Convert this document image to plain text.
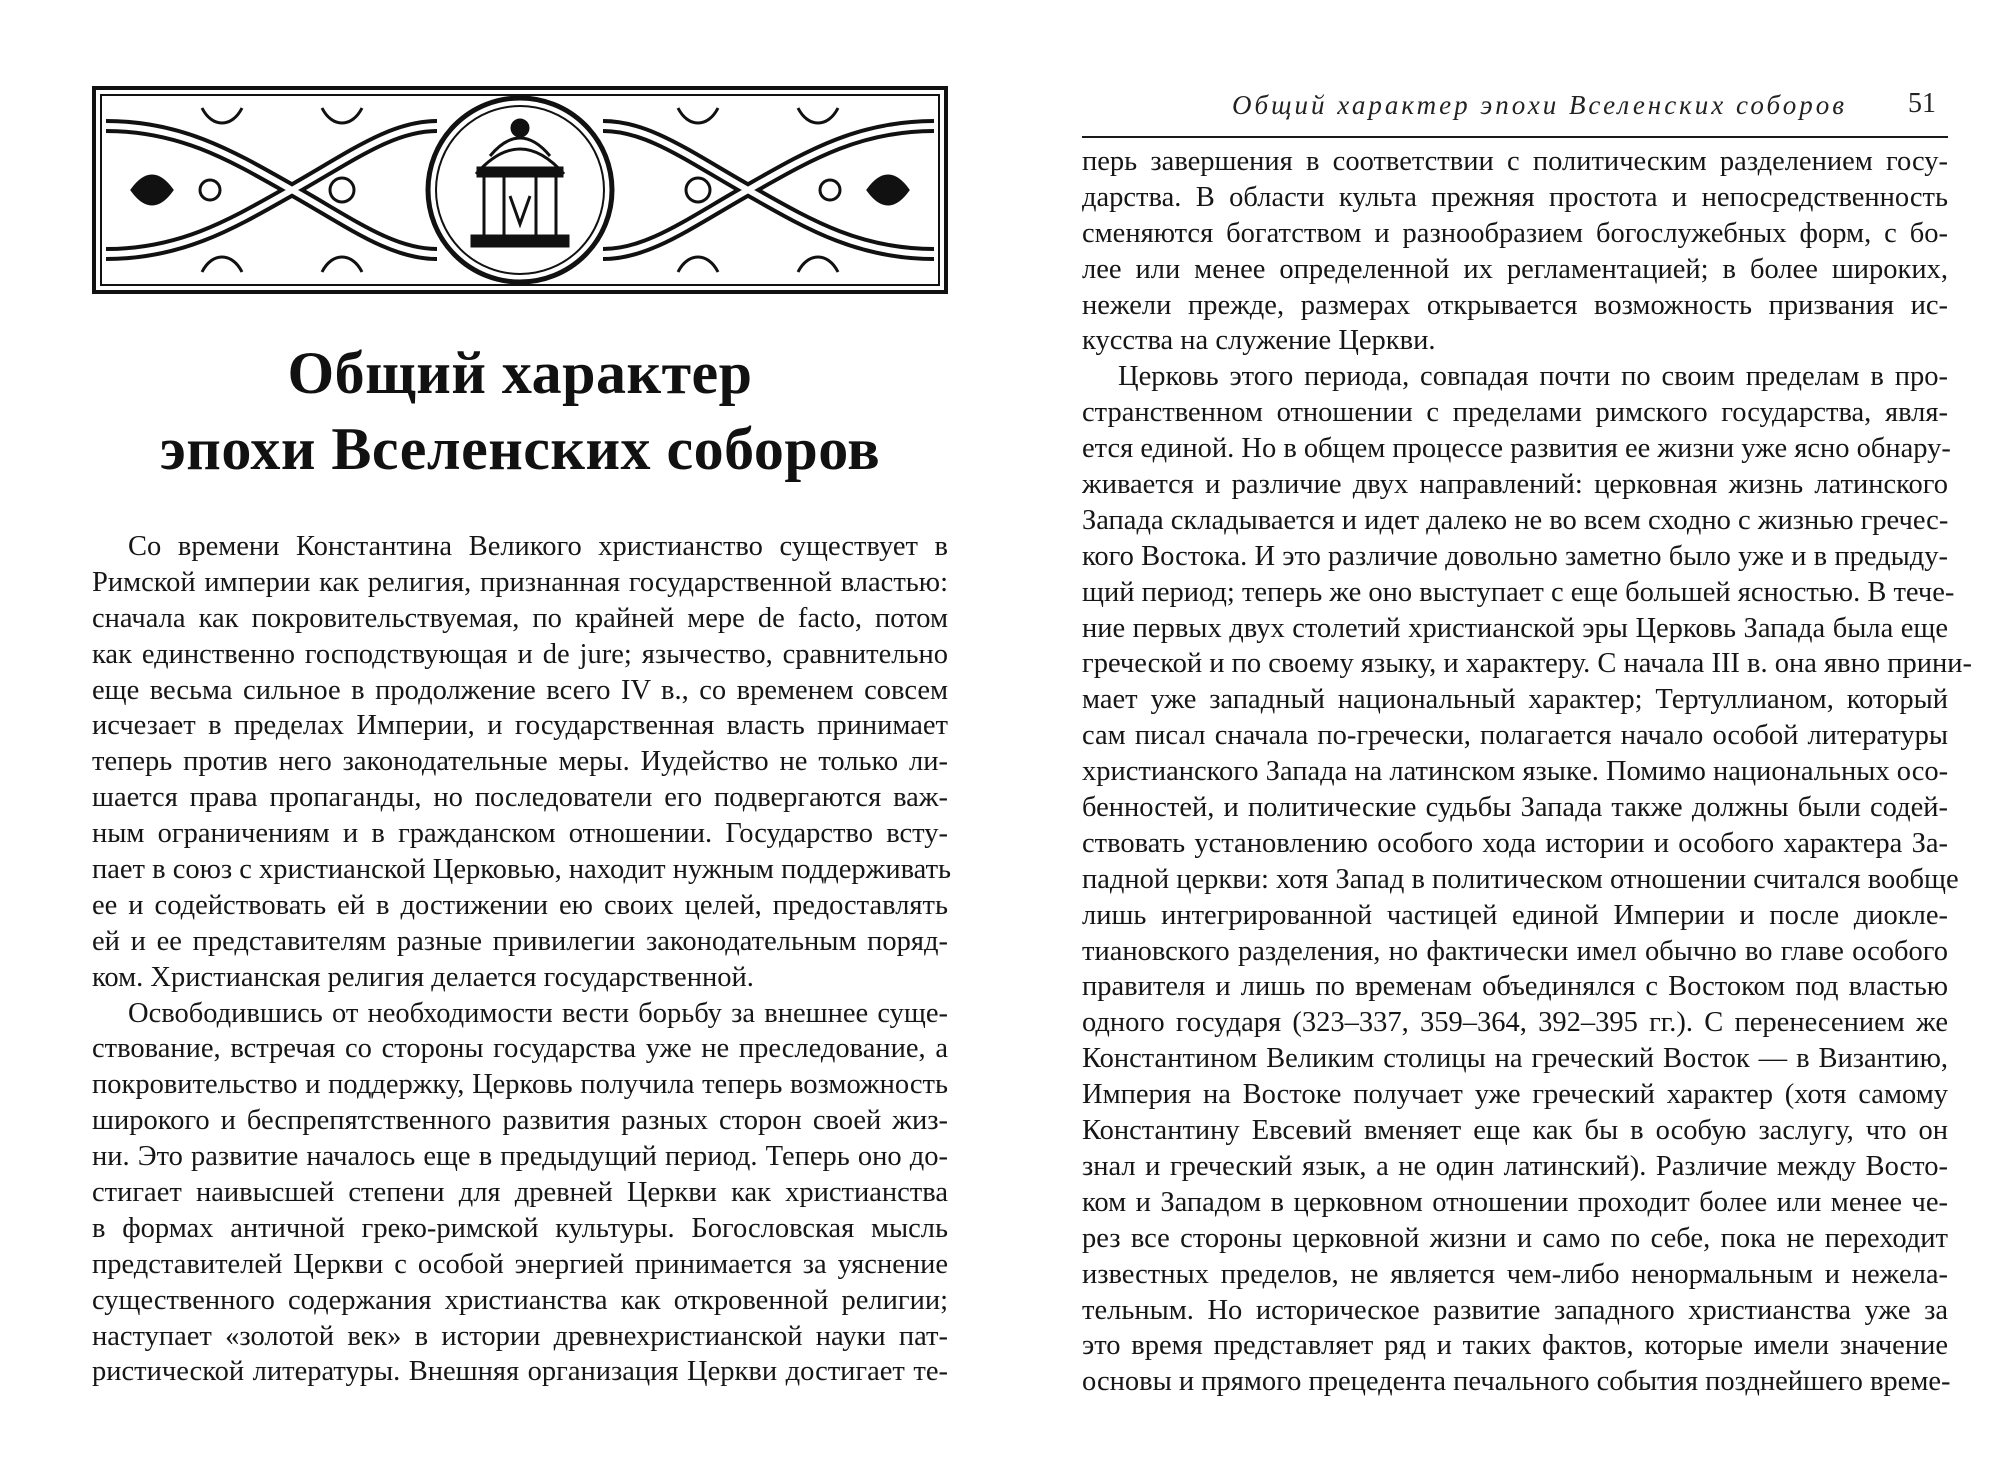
Общий характер
эпохи Вселенских соборов
Со времени Константина Великого христианство существует в
Римской империи как религия, признанная государственной властью:
сначала как покровительствуемая, по крайней мере de facto, потом
как единственно господствующая и de jure; язычество, сравнительно
еще весьма сильное в продолжение всего IV в., со временем совсем
исчезает в пределах Империи, и государственная власть принимает
теперь против него законодательные меры. Иудейство не только ли-
шается права пропаганды, но последователи его подвергаются важ-
ным ограничениям и в гражданском отношении. Государство всту-
пает в союз с христианской Церковью, находит нужным поддерживать
ее и содействовать ей в достижении ею своих целей, предоставлять
ей и ее представителям разные привилегии законодательным поряд-
ком. Христианская религия делается государственной.
Освободившись от необходимости вести борьбу за внешнее суще-
ствование, встречая со стороны государства уже не преследование, а
покровительство и поддержку, Церковь получила теперь возможность
широкого и беспрепятственного развития разных сторон своей жиз-
ни. Это развитие началось еще в предыдущий период. Теперь оно до-
стигает наивысшей степени для древней Церкви как христианства
в формах античной греко-римской культуры. Богословская мысль
представителей Церкви с особой энергией принимается за уяснение
существенного содержания христианства как откровенной религии;
наступает «золотой век» в истории древнехристианской науки пат-
ристической литературы. Внешняя организация Церкви достигает те-
Общий характер эпохи Вселенских соборов 51
перь завершения в соответствии с политическим разделением госу-
дарства. В области культа прежняя простота и непосредственность
сменяются богатством и разнообразием богослужебных форм, с бо-
лее или менее определенной их регламентацией; в более широких,
нежели прежде, размерах открывается возможность призвания ис-
кусства на служение Церкви.
Церковь этого периода, совпадая почти по своим пределам в про-
странственном отношении с пределами римского государства, явля-
ется единой. Но в общем процессе развития ее жизни уже ясно обнару-
живается и различие двух направлений: церковная жизнь латинского
Запада складывается и идет далеко не во всем сходно с жизнью гречес-
кого Востока. И это различие довольно заметно было уже и в предыду-
щий период; теперь же оно выступает с еще большей ясностью. В тече-
ние первых двух столетий христианской эры Церковь Запада была еще
греческой и по своему языку, и характеру. С начала III в. она явно прини-
мает уже западный национальный характер; Тертуллианом, который
сам писал сначала по-гречески, полагается начало особой литературы
христианского Запада на латинском языке. Помимо национальных осо-
бенностей, и политические судьбы Запада также должны были содей-
ствовать установлению особого хода истории и особого характера За-
падной церкви: хотя Запад в политическом отношении считался вообще
лишь интегрированной частицей единой Империи и после диокле-
тиановского разделения, но фактически имел обычно во главе особого
правителя и лишь по временам объединялся с Востоком под властью
одного государя (323–337, 359–364, 392–395 гг.). С перенесением же
Константином Великим столицы на греческий Восток — в Византию,
Империя на Востоке получает уже греческий характер (хотя самому
Константину Евсевий вменяет еще как бы в особую заслугу, что он
знал и греческий язык, а не один латинский). Различие между Восто-
ком и Западом в церковном отношении проходит более или менее че-
рез все стороны церковной жизни и само по себе, пока не переходит
известных пределов, не является чем-либо ненормальным и нежела-
тельным. Но историческое развитие западного христианства уже за
это время представляет ряд и таких фактов, которые имели значение
основы и прямого прецедента печального события позднейшего време-
